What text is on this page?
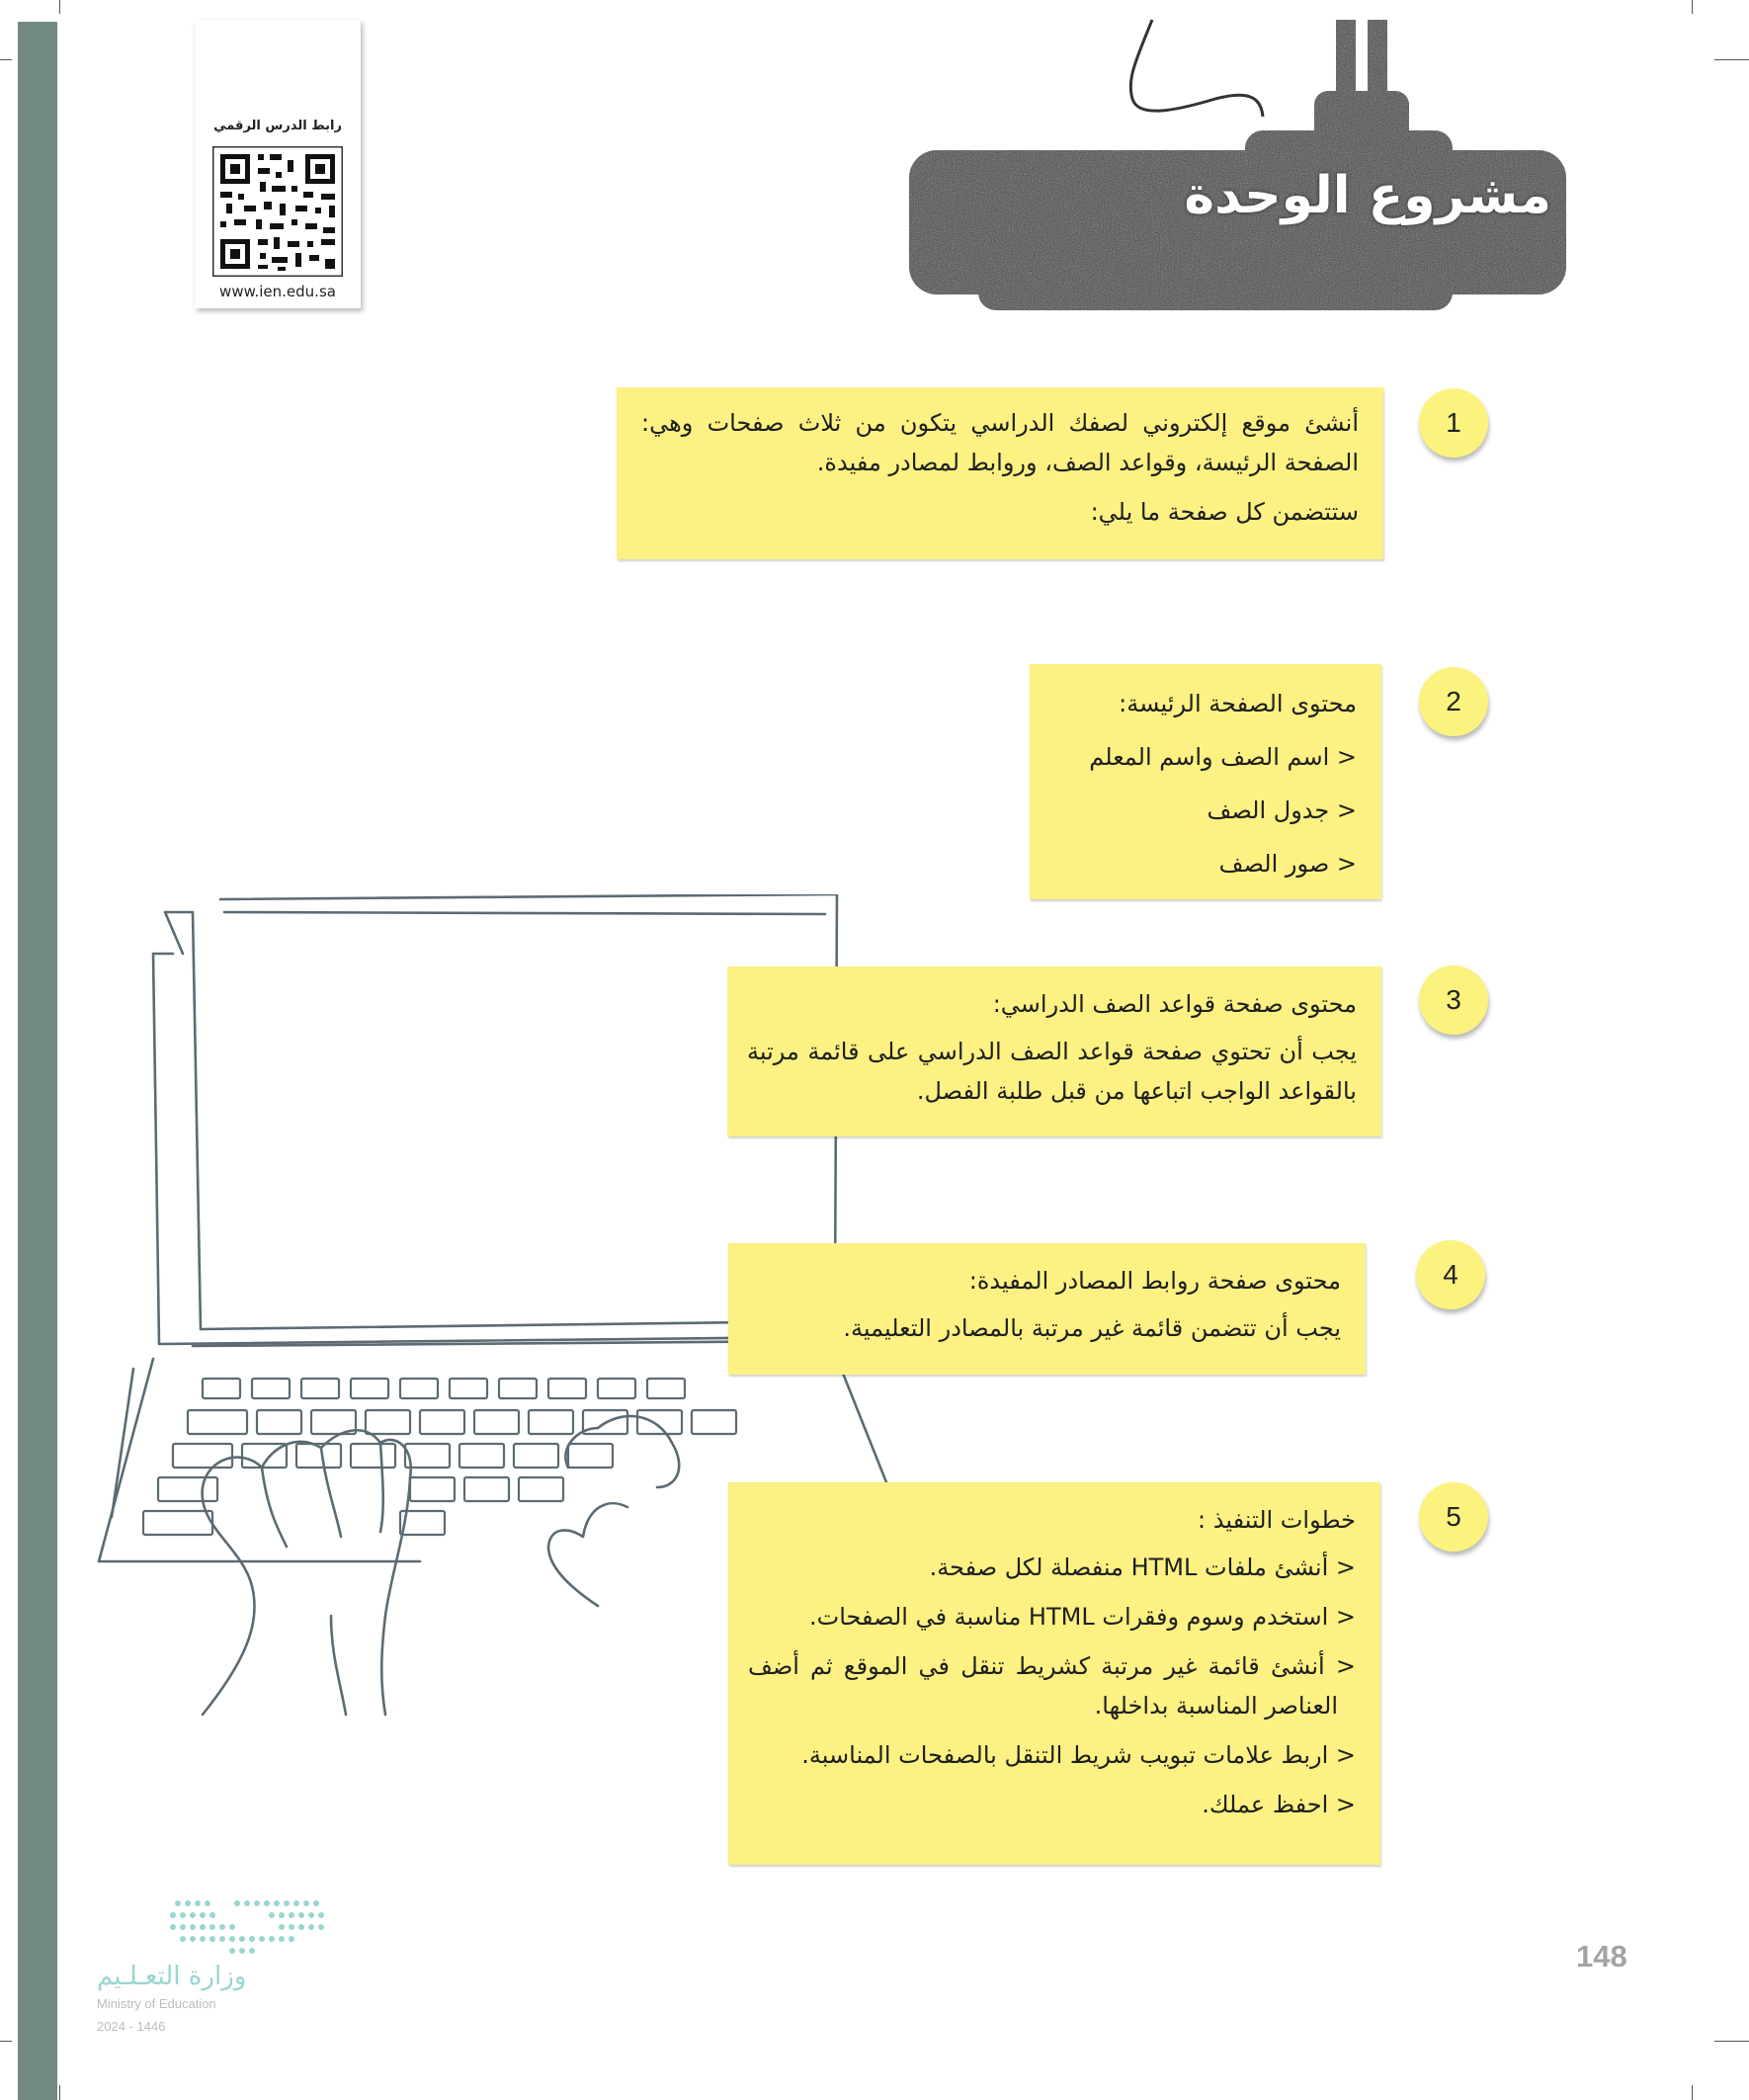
رابط الدرس الرقمي
www.ien.edu.sa
مشروع الوحدة
1
2
3
4
5

أنشئ موقع إلكتروني لصفك الدراسي يتكون من ثلاث صفحات وهي: الصفحة الرئيسة، وقواعد الصف، وروابط لمصادر مفيدة.

ستتضمن كل صفحة ما يلي:

محتوى الصفحة الرئيسة:

< اسم الصف واسم المعلم

< جدول الصف

< صور الصف

محتوى صفحة قواعد الصف الدراسي:

يجب أن تحتوي صفحة قواعد الصف الدراسي على قائمة مرتبة بالقواعد الواجب اتباعها من قبل طلبة الفصل.

محتوى صفحة روابط المصادر المفيدة:

يجب أن تتضمن قائمة غير مرتبة بالمصادر التعليمية.

خطوات التنفيذ :

< أنشئ ملفات HTML منفصلة لكل صفحة.

< استخدم وسوم وفقرات HTML مناسبة في الصفحات.

< أنشئ قائمة غير مرتبة كشريط تنقل في الموقع ثم أضف العناصر المناسبة بداخلها.

< اربط علامات تبويب شريط التنقل بالصفحات المناسبة.

< احفظ عملك.

وزارة التعـلـيم
Ministry of Education
2024 - 1446
148
